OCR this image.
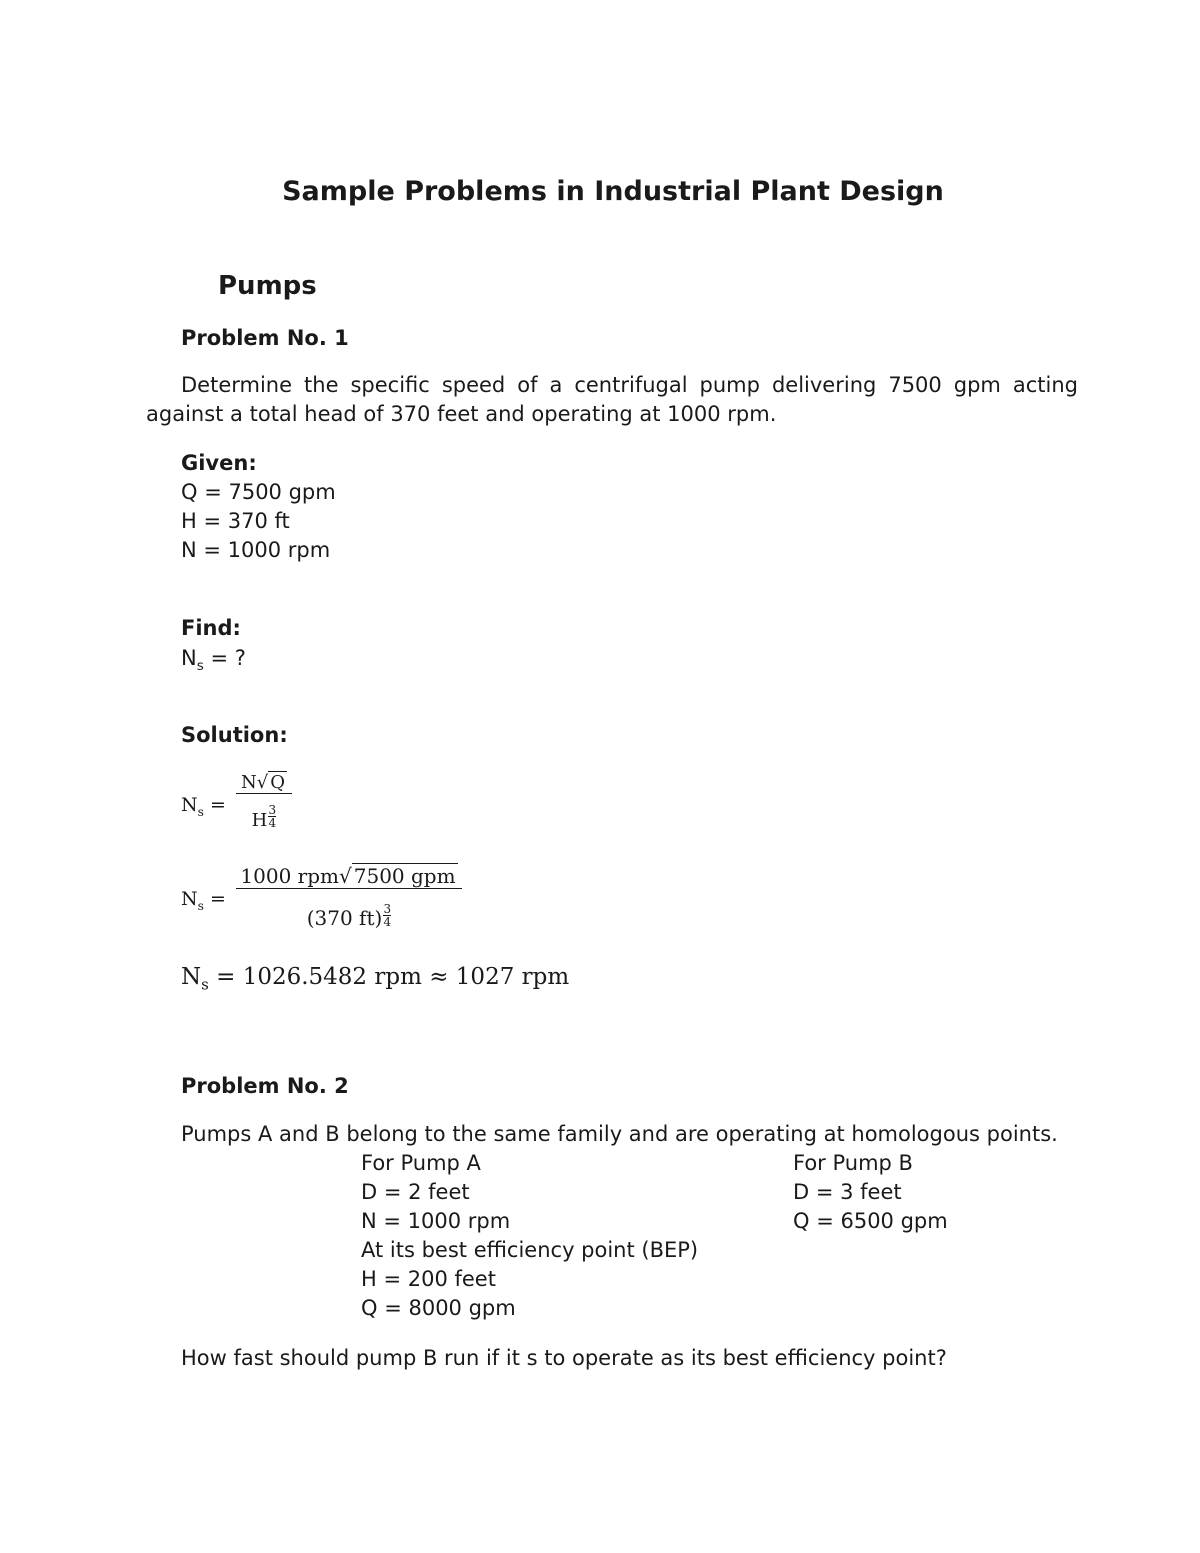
Sample Problems in Industrial Plant Design
Pumps
Problem No. 1
Determine the specific speed of a centrifugal pump delivering 7500 gpm acting
against a total head of 370 feet and operating at 1000 rpm.
Given:
Q = 7500 gpm
H = 370 ft
N = 1000 rpm
Find:
$N_s$ = ?
Solution:
$N_s$ =
N√ Q
H $\frac{3}{4}$
$N_s$ =
1000 rpm√ 7500 gpm
(370 $ft) \frac{3}{4}$
$N_s = 1026.5482$ rpm ≈ 1027 rpm
Problem No. 2
Pumps A and B belong to the same family and are operating at homologous points.
For Pump A
D = 2 feet
N = 1000 rpm
At its best efficiency point (BEP)
H = 200 feet
Q = 8000 gpm
For Pump B
D = 3 feet
Q = 6500 gpm
How fast should pump B run if it s to operate as its best efficiency point?
